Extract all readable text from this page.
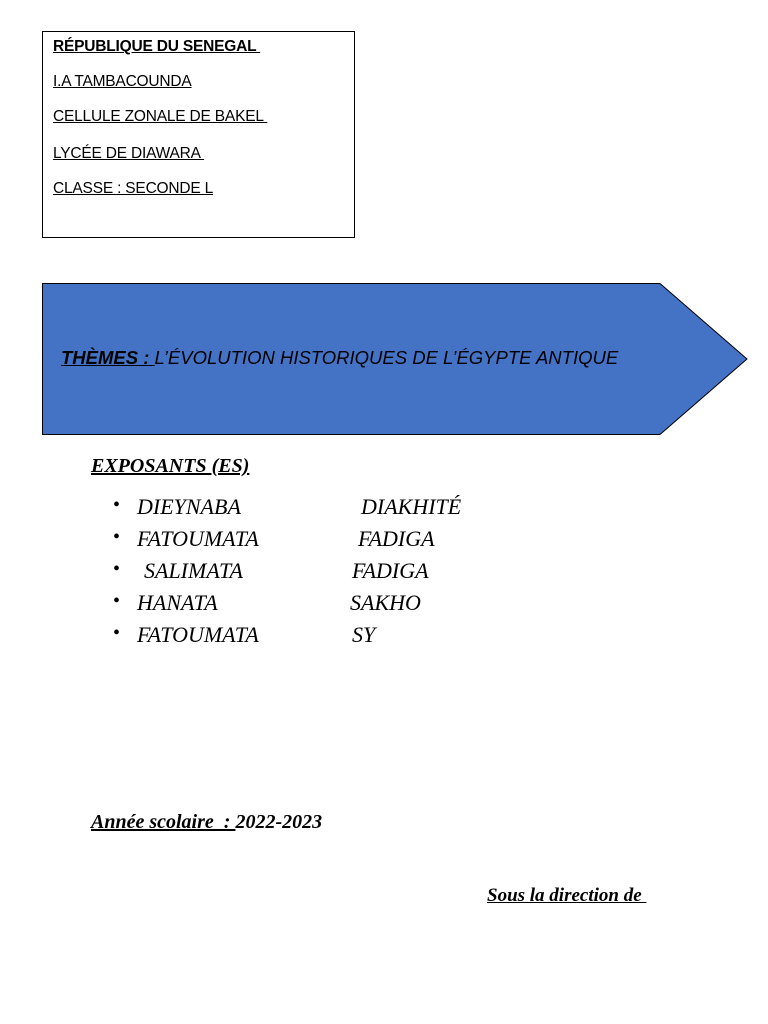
RÉPUBLIQUE DU SENEGAL
I.A TAMBACOUNDA
CELLULE ZONALE DE BAKEL
LYCÉE DE DIAWARA
CLASSE : SECONDE L
THÈMES : L’ÉVOLUTION HISTORIQUES DE L’ÉGYPTE ANTIQUE
EXPOSANTS (ES)
• DIEYNABA	DIAKHITÉ
• FATOUMATA	FADIGA
• SALIMATA	FADIGA
• HANATA	SAKHO
• FATOUMATA	SY
Année scolaire  : 2022-2023
Sous la direction de
